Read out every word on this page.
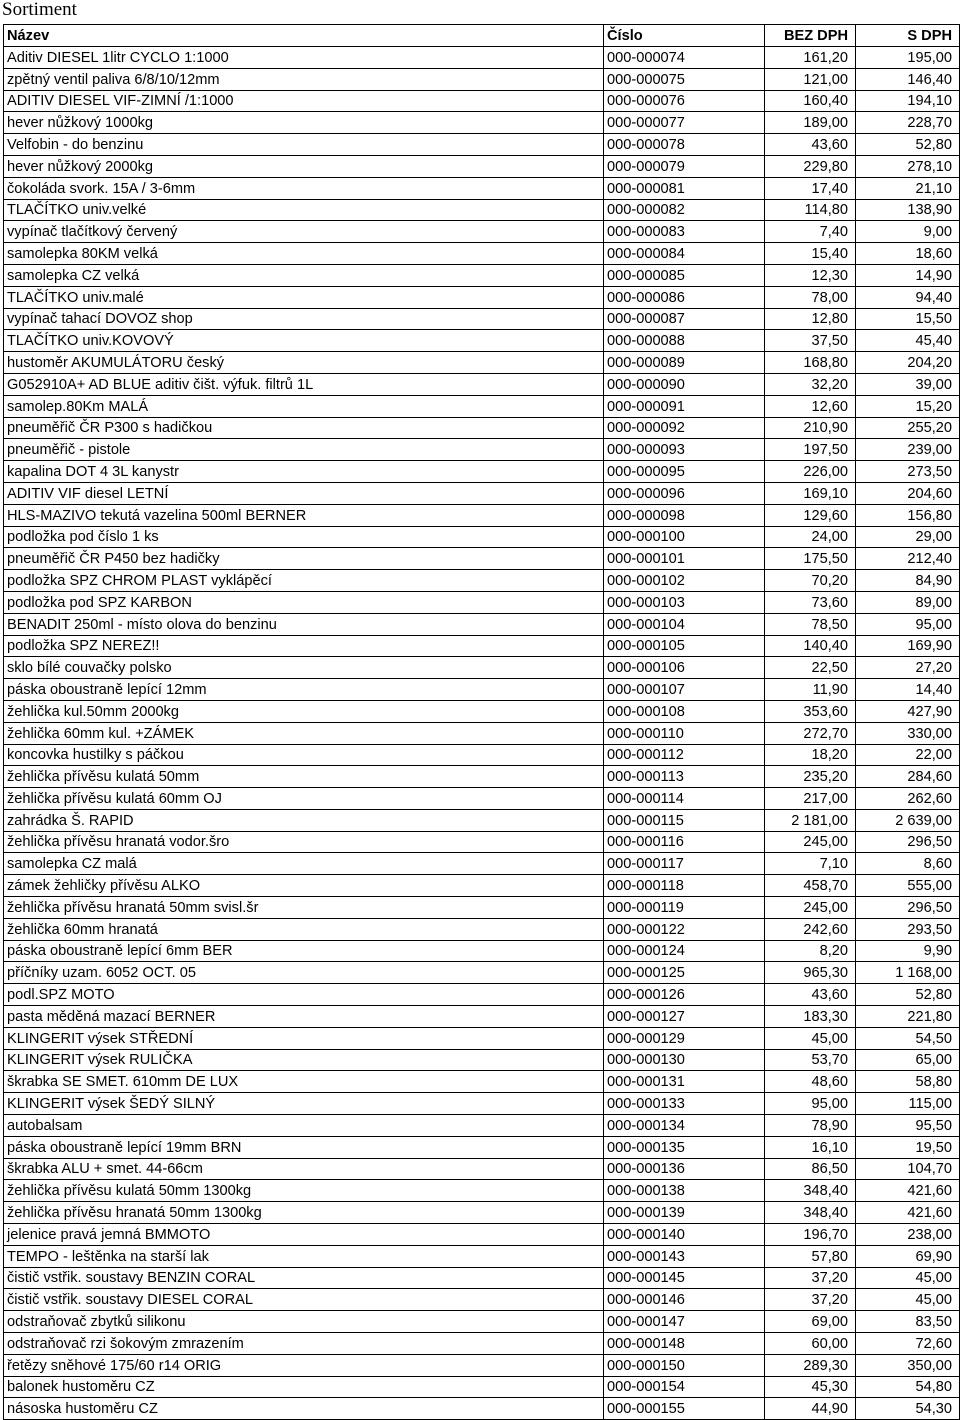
Sortiment
Název	Číslo	BEZ DPH	S DPH
Aditiv DIESEL 1litr CYCLO 1:1000	000-000074	161,20	195,00
zpětný ventil paliva 6/8/10/12mm	000-000075	121,00	146,40
ADITIV DIESEL VIF-ZIMNÍ /1:1000	000-000076	160,40	194,10
hever nůžkový 1000kg	000-000077	189,00	228,70
Velfobin - do benzinu	000-000078	43,60	52,80
hever nůžkový 2000kg	000-000079	229,80	278,10
čokoláda svork. 15A / 3-6mm	000-000081	17,40	21,10
TLAČÍTKO univ.velké	000-000082	114,80	138,90
vypínač tlačítkový červený	000-000083	7,40	9,00
samolepka 80KM velká	000-000084	15,40	18,60
samolepka CZ velká	000-000085	12,30	14,90
TLAČÍTKO univ.malé	000-000086	78,00	94,40
vypínač tahací DOVOZ shop	000-000087	12,80	15,50
TLAČÍTKO univ.KOVOVÝ	000-000088	37,50	45,40
hustoměr AKUMULÁTORU český	000-000089	168,80	204,20
G052910A+ AD BLUE aditiv čišt. výfuk. filtrů 1L	000-000090	32,20	39,00
samolep.80Km MALÁ	000-000091	12,60	15,20
pneuměřič ČR P300 s hadičkou	000-000092	210,90	255,20
pneuměřič - pistole	000-000093	197,50	239,00
kapalina DOT 4 3L kanystr	000-000095	226,00	273,50
ADITIV VIF diesel LETNÍ	000-000096	169,10	204,60
HLS-MAZIVO tekutá vazelina 500ml BERNER	000-000098	129,60	156,80
podložka pod číslo 1 ks	000-000100	24,00	29,00
pneuměřič ČR P450 bez hadičky	000-000101	175,50	212,40
podložka SPZ CHROM PLAST vyklápěcí	000-000102	70,20	84,90
podložka pod SPZ KARBON	000-000103	73,60	89,00
BENADIT 250ml - místo olova do benzinu	000-000104	78,50	95,00
podložka SPZ NEREZ!!	000-000105	140,40	169,90
sklo bílé couvačky polsko	000-000106	22,50	27,20
páska oboustraně lepící 12mm	000-000107	11,90	14,40
žehlička kul.50mm 2000kg	000-000108	353,60	427,90
žehlička 60mm kul. +ZÁMEK	000-000110	272,70	330,00
koncovka hustilky s páčkou	000-000112	18,20	22,00
žehlička přívěsu kulatá 50mm	000-000113	235,20	284,60
žehlička přívěsu kulatá 60mm OJ	000-000114	217,00	262,60
zahrádka Š. RAPID	000-000115	2 181,00	2 639,00
žehlička přívěsu hranatá vodor.šro	000-000116	245,00	296,50
samolepka CZ malá	000-000117	7,10	8,60
zámek žehličky přívěsu ALKO	000-000118	458,70	555,00
žehlička přívěsu hranatá 50mm svisl.šr	000-000119	245,00	296,50
žehlička 60mm hranatá	000-000122	242,60	293,50
páska oboustraně lepící 6mm BER	000-000124	8,20	9,90
příčníky uzam. 6052 OCT. 05	000-000125	965,30	1 168,00
podl.SPZ MOTO	000-000126	43,60	52,80
pasta měděná mazací BERNER	000-000127	183,30	221,80
KLINGERIT výsek STŘEDNÍ	000-000129	45,00	54,50
KLINGERIT výsek RULIČKA	000-000130	53,70	65,00
škrabka SE SMET. 610mm DE LUX	000-000131	48,60	58,80
KLINGERIT výsek ŠEDÝ SILNÝ	000-000133	95,00	115,00
autobalsam	000-000134	78,90	95,50
páska oboustraně lepící 19mm BRN	000-000135	16,10	19,50
škrabka ALU + smet. 44-66cm	000-000136	86,50	104,70
žehlička přívěsu kulatá 50mm 1300kg	000-000138	348,40	421,60
žehlička přívěsu hranatá 50mm 1300kg	000-000139	348,40	421,60
jelenice pravá jemná BMMOTO	000-000140	196,70	238,00
TEMPO - leštěnka na starší lak	000-000143	57,80	69,90
čistič vstřik. soustavy BENZIN CORAL	000-000145	37,20	45,00
čistič vstřik. soustavy DIESEL CORAL	000-000146	37,20	45,00
odstraňovač zbytků silikonu	000-000147	69,00	83,50
odstraňovač rzi šokovým zmrazením	000-000148	60,00	72,60
řetězy sněhové 175/60 r14 ORIG	000-000150	289,30	350,00
balonek hustoměru CZ	000-000154	45,30	54,80
násoska hustoměru CZ	000-000155	44,90	54,30
